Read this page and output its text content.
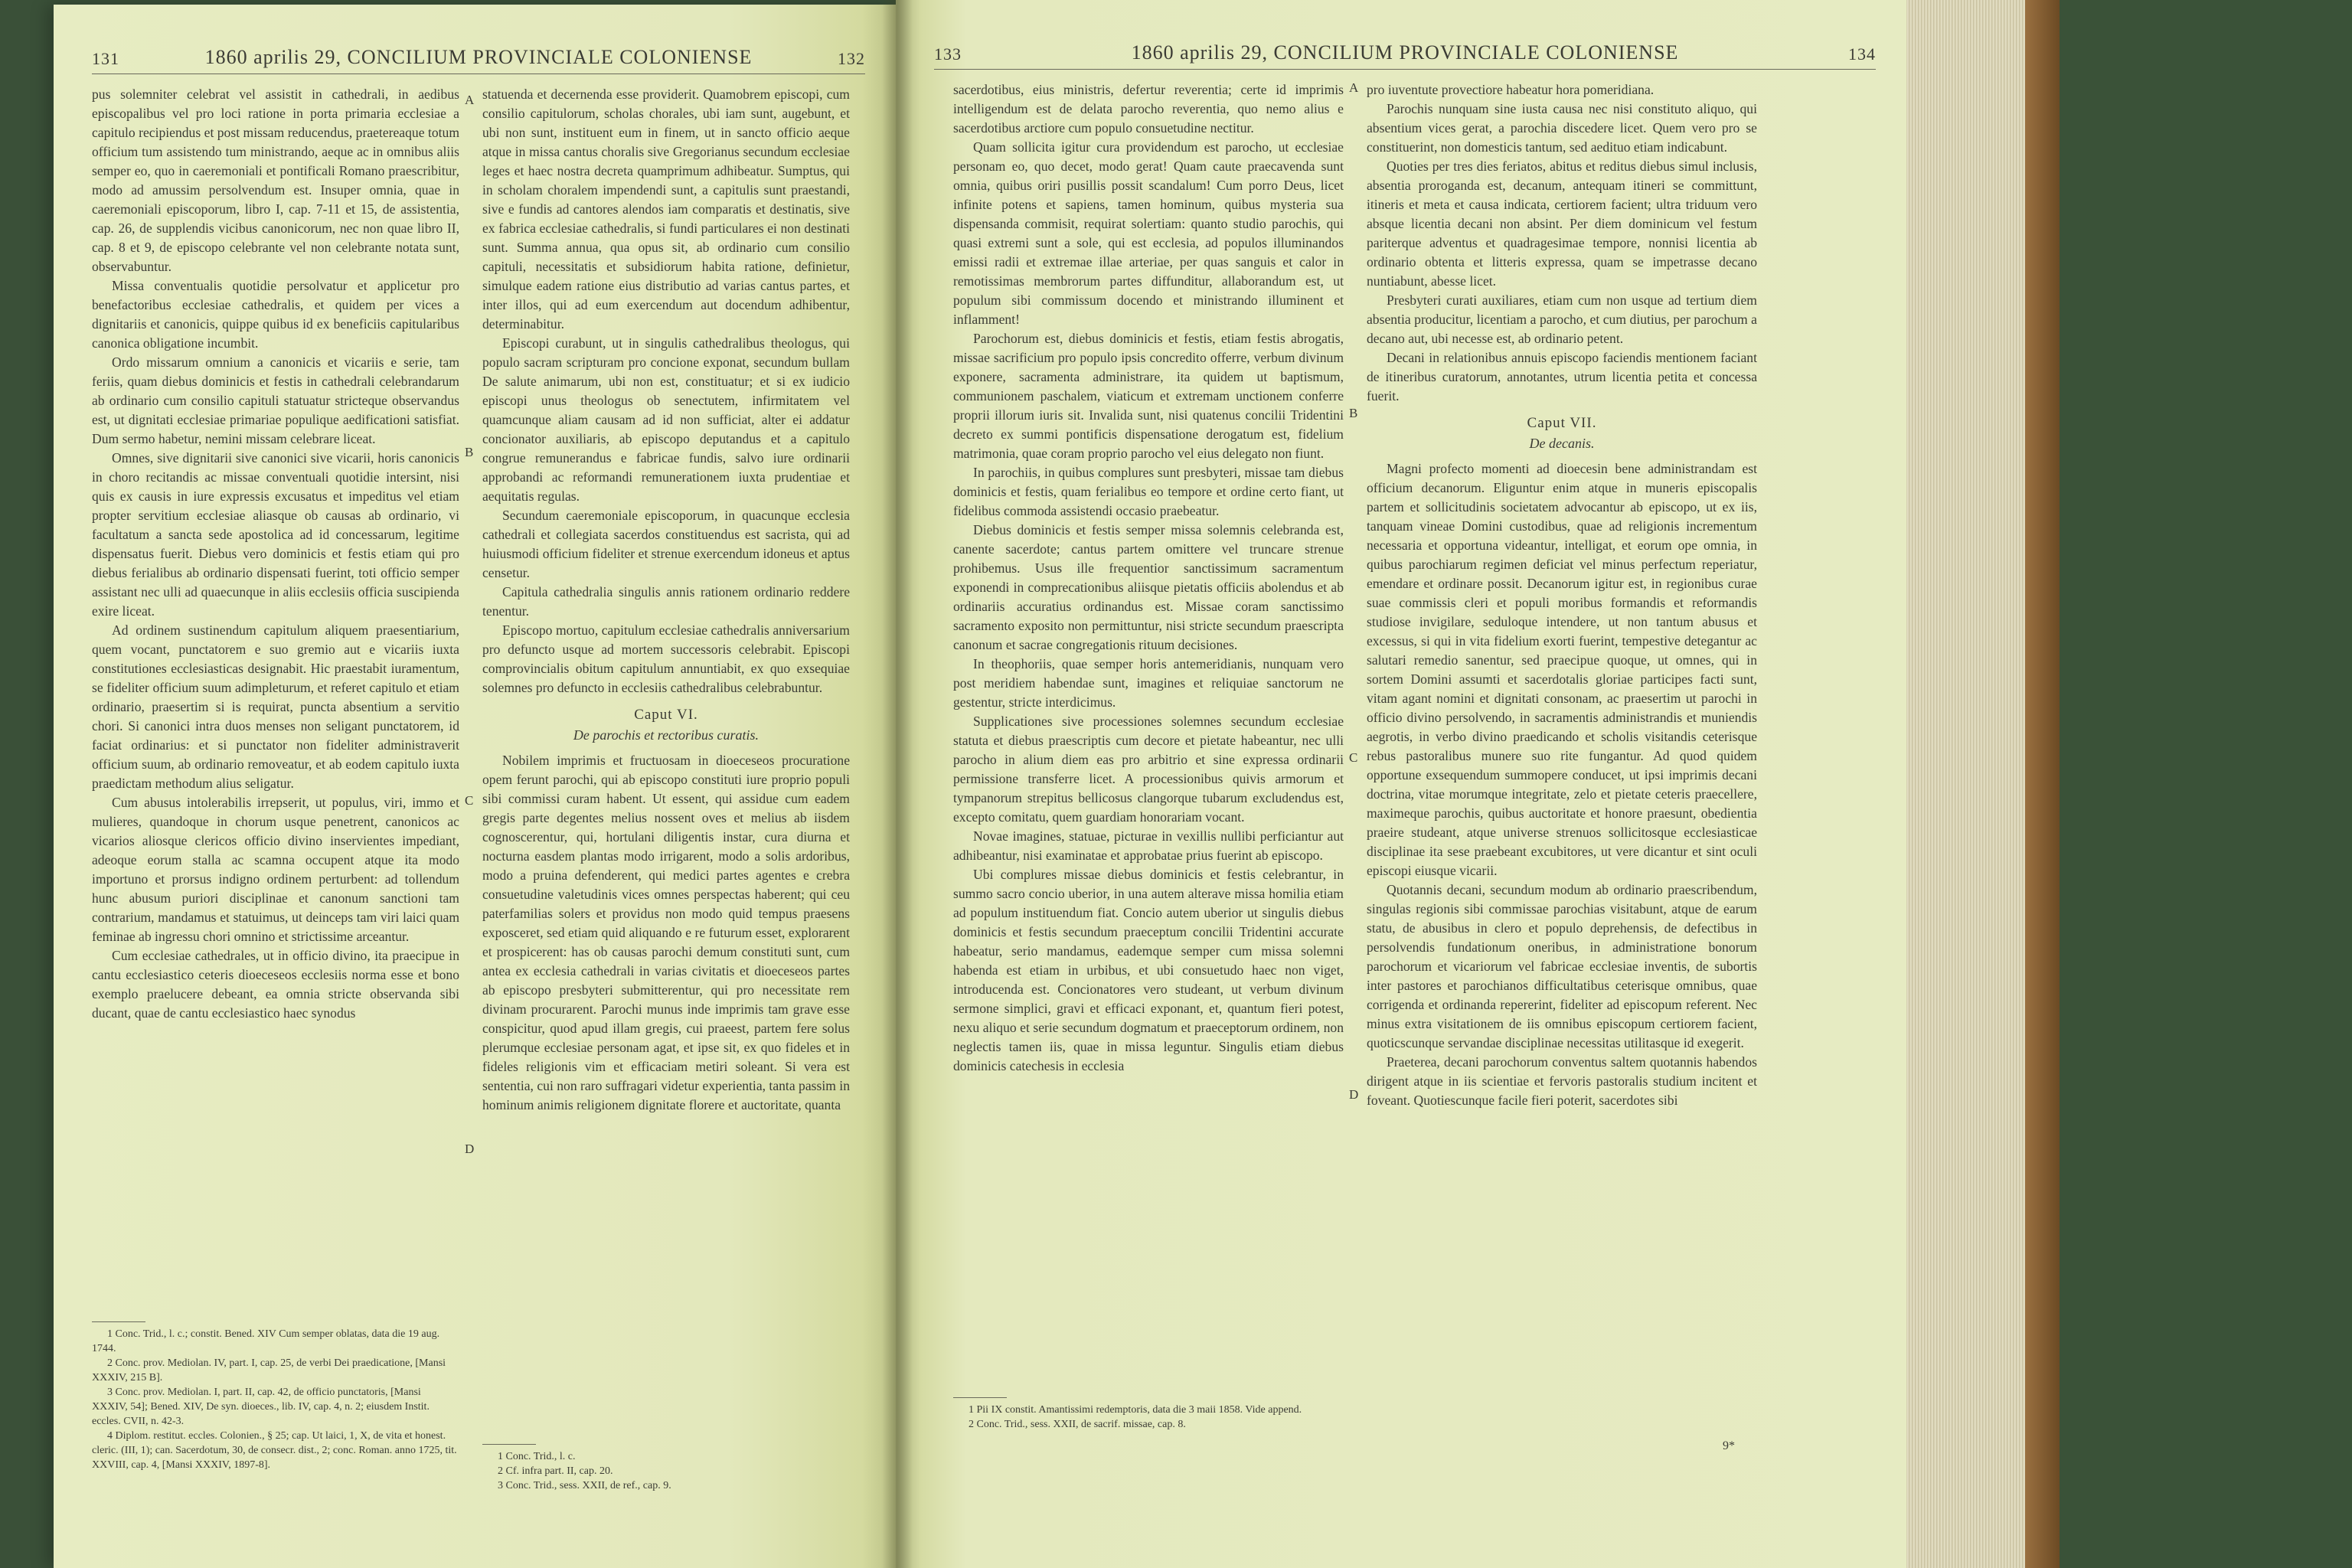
131	1860 aprilis 29, CONCILIUM PROVINCIALE COLONIENSE	132

pus solemniter celebrat vel assistit in cathedrali, in aedibus episcopalibus vel pro loci ratione in porta primaria ecclesiae a capitulo recipiendus et post missam reducendus, praetereaque totum officium tum assistendo tum ministrando, aeque ac in omnibus aliis semper eo, quo in caeremoniali et pontificali Romano praescribitur, modo ad amussim persolvendum est. Insuper omnia, quae in caeremoniali episcoporum, libro I, cap. 7-11 et 15, de assistentia, cap. 26, de supplendis vicibus canonicorum, nec non quae libro II, cap. 8 et 9, de episcopo celebrante vel non celebrante notata sunt, observabuntur.

Missa conventualis quotidie persolvatur et applicetur pro benefactoribus ecclesiae cathedralis, et quidem per vices a dignitariis et canonicis, quippe quibus id ex beneficiis capitularibus canonica obligatione incumbit.

Ordo missarum omnium a canonicis et vicariis e serie, tam feriis, quam diebus dominicis et festis in cathedrali celebrandarum ab ordinario cum consilio capituli statuatur stricteque observandus est, ut dignitati ecclesiae primariae populique aedificationi satisfiat. Dum sermo habetur, nemini missam celebrare liceat.

Omnes, sive dignitarii sive canonici sive vicarii, horis canonicis in choro recitandis ac missae conventuali quotidie intersint, nisi quis ex causis in iure expressis excusatus et impeditus vel etiam propter servitium ecclesiae aliasque ob causas ab ordinario, vi facultatum a sancta sede apostolica ad id concessarum, legitime dispensatus fuerit. Diebus vero dominicis et festis etiam qui pro diebus ferialibus ab ordinario dispensati fuerint, toti officio semper assistant nec ulli ad quaecunque in aliis ecclesiis officia suscipienda exire liceat.

Ad ordinem sustinendum capitulum aliquem praesentiarium, quem vocant, punctatorem e suo gremio aut e vicariis iuxta constitutiones ecclesiasticas designabit. Hic praestabit iuramentum, se fideliter officium suum adimpleturum, et referet capitulo et etiam ordinario, praesertim si is requirat, puncta absentium a servitio chori. Si canonici intra duos menses non seligant punctatorem, id faciat ordinarius: et si punctator non fideliter administraverit officium suum, ab ordinario removeatur, et ab eodem capitulo iuxta praedictam methodum alius seligatur.

Cum abusus intolerabilis irrepserit, ut populus, viri, immo et mulieres, quandoque in chorum usque penetrent, canonicos ac vicarios aliosque clericos officio divino inservientes impediant, adeoque eorum stalla ac scamna occupent atque ita modo importuno et prorsus indigno ordinem perturbent: ad tollendum hunc abusum puriori disciplinae et canonum sanctioni tam contrarium, mandamus et statuimus, ut deinceps tam viri laici quam feminae ab ingressu chori omnino et strictissime arceantur.

Cum ecclesiae cathedrales, ut in officio divino, ita praecipue in cantu ecclesiastico ceteris dioeceseos ecclesiis norma esse et bono exemplo praelucere debeant, ea omnia stricte observanda sibi ducant, quae de cantu ecclesiastico haec synodus

A
B
C
D

statuenda et decernenda esse providerit. Quamobrem episcopi, cum consilio capitulorum, scholas chorales, ubi iam sunt, augebunt, et ubi non sunt, instituent eum in finem, ut in sancto officio aeque atque in missa cantus choralis sive Gregorianus secundum ecclesiae leges et haec nostra decreta quamprimum adhibeatur. Sumptus, qui in scholam choralem impendendi sunt, a capitulis sunt praestandi, sive e fundis ad cantores alendos iam comparatis et destinatis, sive ex fabrica ecclesiae cathedralis, si fundi particulares ei non destinati sunt. Summa annua, qua opus sit, ab ordinario cum consilio capituli, necessitatis et subsidiorum habita ratione, definietur, simulque eadem ratione eius distributio ad varias cantus partes, et inter illos, qui ad eum exercendum aut docendum adhibentur, determinabitur.

Episcopi curabunt, ut in singulis cathedralibus theologus, qui populo sacram scripturam pro concione exponat, secundum bullam De salute animarum, ubi non est, constituatur; et si ex iudicio episcopi unus theologus ob senectutem, infirmitatem vel quamcunque aliam causam ad id non sufficiat, alter ei addatur concionator auxiliaris, ab episcopo deputandus et a capitulo congrue remunerandus e fabricae fundis, salvo iure ordinarii approbandi ac reformandi remunerationem iuxta prudentiae et aequitatis regulas.

Secundum caeremoniale episcoporum, in quacunque ecclesia cathedrali et collegiata sacerdos constituendus est sacrista, qui ad huiusmodi officium fideliter et strenue exercendum idoneus et aptus censetur.

Capitula cathedralia singulis annis rationem ordinario reddere tenentur.

Episcopo mortuo, capitulum ecclesiae cathedralis anniversarium pro defuncto usque ad mortem successoris celebrabit. Episcopi comprovincialis obitum capitulum annuntiabit, ex quo exsequiae solemnes pro defuncto in ecclesiis cathedralibus celebrabuntur.

Caput VI.
De parochis et rectoribus curatis.

Nobilem imprimis et fructuosam in dioeceseos procuratione opem ferunt parochi, qui ab episcopo constituti iure proprio populi sibi commissi curam habent. Ut essent, qui assidue cum eadem gregis parte degentes melius nossent oves et melius ab iisdem cognoscerentur, qui, hortulani diligentis instar, cura diurna et nocturna easdem plantas modo irrigarent, modo a solis ardoribus, modo a pruina defenderent, qui medici partes agentes e crebra consuetudine valetudinis vices omnes perspectas haberent; qui ceu paterfamilias solers et providus non modo quid tempus praesens exposceret, sed etiam quid aliquando e re futurum esset, explorarent et prospicerent: has ob causas parochi demum constituti sunt, cum antea ex ecclesia cathedrali in varias civitatis et dioeceseos partes ab episcopo presbyteri submitterentur, qui pro necessitate rem divinam procurarent. Parochi munus inde imprimis tam grave esse conspicitur, quod apud illam gregis, cui praeest, partem fere solus plerumque ecclesiae personam agat, et ipse sit, ex quo fideles et in fideles religionis vim et efficaciam metiri soleant. Si vera est sententia, cui non raro suffragari videtur experientia, tanta passim in hominum animis religionem dignitate florere et auctoritate, quanta

1 Conc. Trid., l. c.; constit. Bened. XIV Cum semper oblatas, data die 19 aug. 1744.
2 Conc. prov. Mediolan. IV, part. I, cap. 25, de verbi Dei praedicatione, [Mansi XXXIV, 215 B].
3 Conc. prov. Mediolan. I, part. II, cap. 42, de officio punctatoris, [Mansi XXXIV, 54]; Bened. XIV, De syn. dioeces., lib. IV, cap. 4, n. 2; eiusdem Instit. eccles. CVII, n. 42-3.
4 Diplom. restitut. eccles. Colonien., § 25; cap. Ut laici, 1, X, de vita et honest. cleric. (III, 1); can. Sacerdotum, 30, de consecr. dist., 2; conc. Roman. anno 1725, tit. XXVIII, cap. 4, [Mansi XXXIV, 1897-8].
1 Conc. Trid., l. c.
2 Cf. infra part. II, cap. 20.
3 Conc. Trid., sess. XXII, de ref., cap. 9.
133	1860 aprilis 29, CONCILIUM PROVINCIALE COLONIENSE	134

sacerdotibus, eius ministris, defertur reverentia; certe id imprimis intelligendum est de delata parocho reverentia, quo nemo alius e sacerdotibus arctiore cum populo consuetudine nectitur.

Quam sollicita igitur cura providendum est parocho, ut ecclesiae personam eo, quo decet, modo gerat! Quam caute praecavenda sunt omnia, quibus oriri pusillis possit scandalum! Cum porro Deus, licet infinite potens et sapiens, tamen hominum, quibus mysteria sua dispensanda commisit, requirat solertiam: quanto studio parochis, qui quasi extremi sunt a sole, qui est ecclesia, ad populos illuminandos emissi radii et extremae illae arteriae, per quas sanguis et calor in remotissimas membrorum partes diffunditur, allaborandum est, ut populum sibi commissum docendo et ministrando illuminent et inflamment!

Parochorum est, diebus dominicis et festis, etiam festis abrogatis, missae sacrificium pro populo ipsis concredito offerre, verbum divinum exponere, sacramenta administrare, ita quidem ut baptismum, communionem paschalem, viaticum et extremam unctionem conferre proprii illorum iuris sit. Invalida sunt, nisi quatenus concilii Tridentini decreto ex summi pontificis dispensatione derogatum est, fidelium matrimonia, quae coram proprio parocho vel eius delegato non fiunt.

In parochiis, in quibus complures sunt presbyteri, missae tam diebus dominicis et festis, quam ferialibus eo tempore et ordine certo fiant, ut fidelibus commoda assistendi occasio praebeatur.

Diebus dominicis et festis semper missa solemnis celebranda est, canente sacerdote; cantus partem omittere vel truncare strenue prohibemus. Usus ille frequentior sanctissimum sacramentum exponendi in comprecationibus aliisque pietatis officiis abolendus et ab ordinariis accuratius ordinandus est. Missae coram sanctissimo sacramento exposito non permittuntur, nisi stricte secundum praescripta canonum et sacrae congregationis rituum decisiones.

In theophoriis, quae semper horis antemeridianis, nunquam vero post meridiem habendae sunt, imagines et reliquiae sanctorum ne gestentur, stricte interdicimus.

Supplicationes sive processiones solemnes secundum ecclesiae statuta et diebus praescriptis cum decore et pietate habeantur, nec ulli parocho in alium diem eas pro arbitrio et sine expressa ordinarii permissione transferre licet. A processionibus quivis armorum et tympanorum strepitus bellicosus clangorque tubarum excludendus est, excepto comitatu, quem guardiam honorariam vocant.

Novae imagines, statuae, picturae in vexillis nullibi perficiantur aut adhibeantur, nisi examinatae et approbatae prius fuerint ab episcopo.

Ubi complures missae diebus dominicis et festis celebrantur, in summo sacro concio uberior, in una autem alterave missa homilia etiam ad populum instituendum fiat. Concio autem uberior ut singulis diebus dominicis et festis secundum praeceptum concilii Tridentini accurate habeatur, serio mandamus, eademque semper cum missa solemni habenda est etiam in urbibus, et ubi consuetudo haec non viget, introducenda est. Concionatores vero studeant, ut verbum divinum sermone simplici, gravi et efficaci exponant, et, quantum fieri potest, nexu aliquo et serie secundum dogmatum et praeceptorum ordinem, non neglectis tamen iis, quae in missa leguntur. Singulis etiam diebus dominicis catechesis in ecclesia

A
B
C
D

pro iuventute provectiore habeatur hora pomeridiana.

Parochis nunquam sine iusta causa nec nisi constituto aliquo, qui absentium vices gerat, a parochia discedere licet. Quem vero pro se constituerint, non domesticis tantum, sed aedituo etiam indicabunt.

Quoties per tres dies feriatos, abitus et reditus diebus simul inclusis, absentia proroganda est, decanum, antequam itineri se committunt, itineris et meta et causa indicata, certiorem facient; ultra triduum vero absque licentia decani non absint. Per diem dominicum vel festum pariterque adventus et quadragesimae tempore, nonnisi licentia ab ordinario obtenta et litteris expressa, quam se impetrasse decano nuntiabunt, abesse licet.

Presbyteri curati auxiliares, etiam cum non usque ad tertium diem absentia producitur, licentiam a parocho, et cum diutius, per parochum a decano aut, ubi necesse est, ab ordinario petent.

Decani in relationibus annuis episcopo faciendis mentionem faciant de itineribus curatorum, annotantes, utrum licentia petita et concessa fuerit.

Caput VII.
De decanis.

Magni profecto momenti ad dioecesin bene administrandam est officium decanorum. Eliguntur enim atque in muneris episcopalis partem et sollicitudinis societatem advocantur ab episcopo, ut ex iis, tanquam vineae Domini custodibus, quae ad religionis incrementum necessaria et opportuna videantur, intelligat, et eorum ope omnia, in quibus parochiarum regimen deficiat vel minus perfectum reperiatur, emendare et ordinare possit. Decanorum igitur est, in regionibus curae suae commissis cleri et populi moribus formandis et reformandis studiose invigilare, seduloque intendere, ut non tantum abusus et excessus, si qui in vita fidelium exorti fuerint, tempestive detegantur ac salutari remedio sanentur, sed praecipue quoque, ut omnes, qui in sortem Domini assumti et sacerdotalis gloriae participes facti sunt, vitam agant nomini et dignitati consonam, ac praesertim ut parochi in officio divino persolvendo, in sacramentis administrandis et muniendis aegrotis, in verbo divino praedicando et scholis visitandis ceterisque rebus pastoralibus munere suo rite fungantur. Ad quod quidem opportune exsequendum summopere conducet, ut ipsi imprimis decani doctrina, vitae morumque integritate, zelo et pietate ceteris praecellere, maximeque parochis, quibus auctoritate et honore praesunt, obedientia praeire studeant, atque universe strenuos sollicitosque ecclesiasticae disciplinae ita sese praebeant excubitores, ut vere dicantur et sint oculi episcopi eiusque vicarii.

Quotannis decani, secundum modum ab ordinario praescribendum, singulas regionis sibi commissae parochias visitabunt, atque de earum statu, de abusibus in clero et populo deprehensis, de defectibus in persolvendis fundationum oneribus, in administratione bonorum parochorum et vicariorum vel fabricae ecclesiae inventis, de subortis inter pastores et parochianos difficultatibus ceterisque omnibus, quae corrigenda et ordinanda repererint, fideliter ad episcopum referent. Nec minus extra visitationem de iis omnibus episcopum certiorem facient, quoticscunque servandae disciplinae necessitas utilitasque id exegerit.

Praeterea, decani parochorum conventus saltem quotannis habendos dirigent atque in iis scientiae et fervoris pastoralis studium incitent et foveant. Quotiescunque facile fieri poterit, sacerdotes sibi

1 Pii IX constit. Amantissimi redemptoris, data die 3 maii 1858. Vide append.
2 Conc. Trid., sess. XXII, de sacrif. missae, cap. 8.
9*
